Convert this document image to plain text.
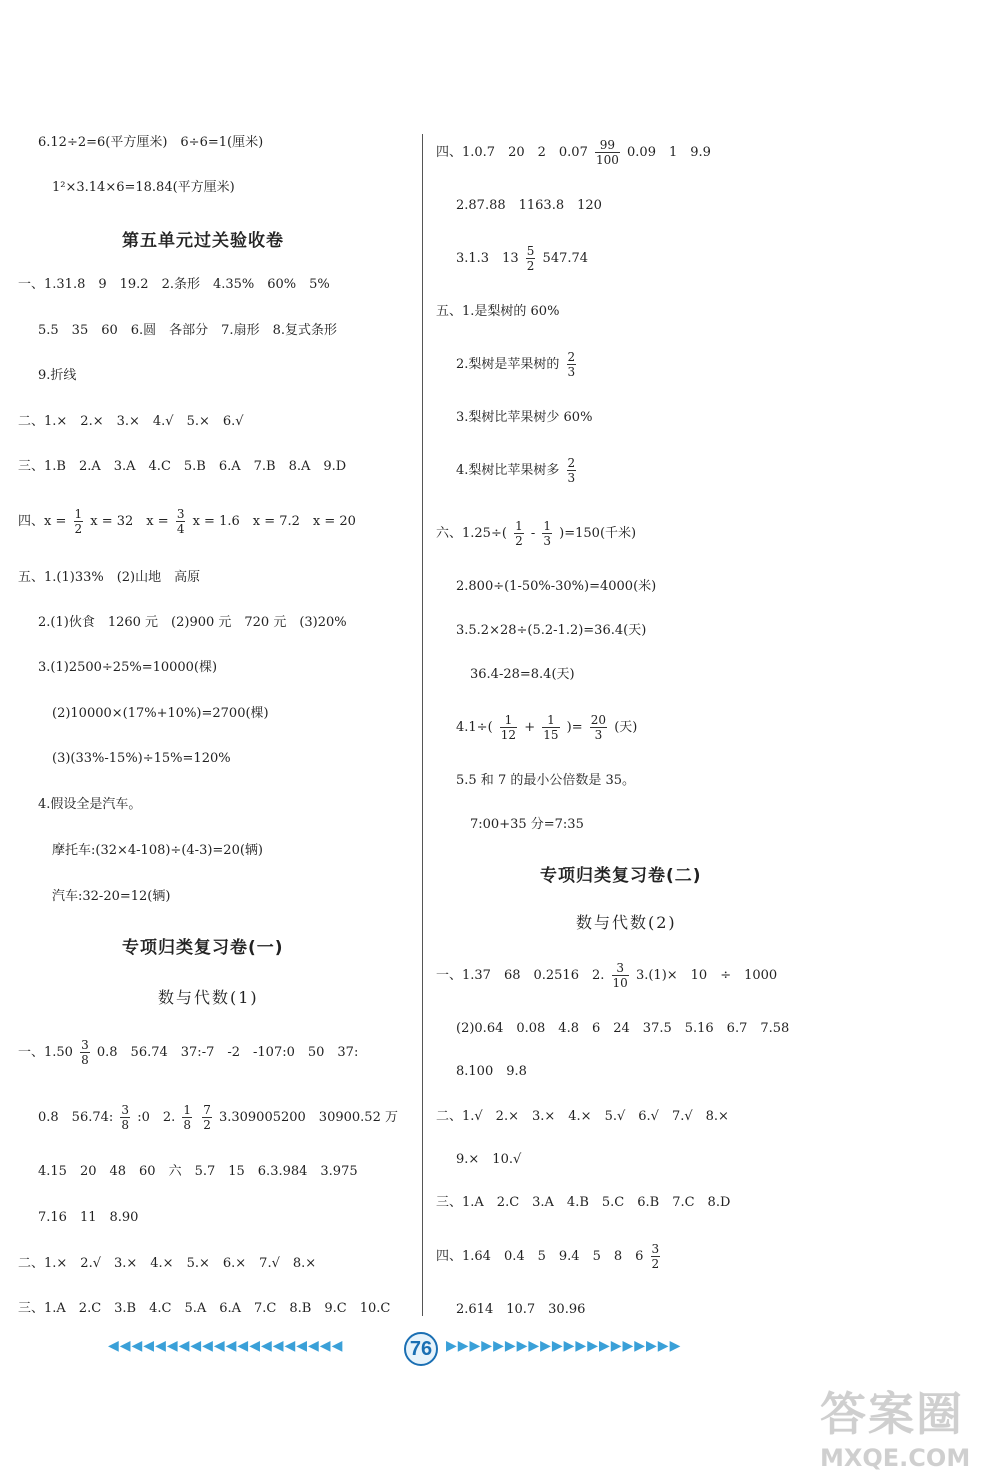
6.12÷2=6(平方厘米)　6÷6=1(厘米)
1²×3.14×6=18.84(平方厘米)
第五单元过关验收卷
一、1.31.8　9　19.2　2.条形　4.35%　60%　5%
5.5　35　60　6.圆　各部分　7.扇形　8.复式条形
9.折线
二、1.×　2.×　3.×　4.√　5.×　6.√
三、1.B　2.A　3.A　4.C　5.B　6.A　7.B　8.A　9.D
四、$x = \frac{1}{2}$ x = 32　$x = \frac{3}{4}$ x = 1.6　x = 7.2　x = 20
五、1.(1)33%　(2)山地　高原
2.(1)伙食　1260 元　(2)900 元　720 元　(3)20%
3.(1)2500÷25%=10000(棵)
(2)10000×(17%+10%)=2700(棵)
(3)(33%-15%)÷15%=120%
4.假设全是汽车。
摩托车:(32×4-108)÷(4-3)=20(辆)
汽车:32-20=12(辆)
专项归类复习卷(一)
数与代数(1)
一、$1.50 \frac{3}{8} 0.8$　56.74　37:-7　-2　-107:0　50　37:
0.8　56.74: $\frac{3}{8}$ :0　2. $\frac{1}{8}$
$\frac{7}{2} 3.309005200$　30900.52 万
4.15　20　48　60　六　5.7　15　6.3.984　3.975
7.16　11　8.90
二、1.×　2.√　3.×　4.×　5.×　6.×　7.√　8.×
三、1.A　2.C　3.B　4.C　5.A　6.A　7.C　8.B　9.C　10.C
四、1.0.7　20　2　$0.07 \frac{99}{100} 0.09$　1　9.9
2.87.88　1163.8　120
3.1.3　$13 \frac{5}{2} 547.74$
五、1.是梨树的 60%
2.梨树是苹果树的 $\frac{2}{3}$
3.梨树比苹果树少 60%
4.梨树比苹果树多 $\frac{2}{3}$
六、$1.25\div( \frac{1}{2} - \frac{1}{3} )=150$(千米)
2.800÷(1-50%-30%)=4000(米)
3.5.2×28÷(5.2-1.2)=36.4(天)
36.4-28=8.4(天)
$4.1\div( \frac{1}{12} + \frac{1}{15}$ )= $\frac{20}{3}$ (天)
5.5 和 7 的最小公倍数是 35。
7:00+35 分=7:35
专项归类复习卷(二)
数与代数(2)
一、1.37　68　0.2516　2. $\frac{3}{10} 3.(1)\times$　10　÷　1000
(2)0.64　0.08　4.8　6　24　37.5　5.16　6.7　7.58
8.100　9.8
二、1.√　2.×　3.×　4.×　5.√　6.√　7.√　8.×
9.×　10.√
三、1.A　2.C　3.A　4.B　5.C　6.B　7.C　8.D
四、1.64　0.4　5　9.4　5　8　$6 \frac{3}{2}$
2.614　10.7　30.96
◀◀◀◀◀◀◀◀◀◀◀◀◀◀◀◀◀◀◀◀	76 ▶▶▶▶▶▶▶▶▶▶▶▶▶▶▶▶▶▶▶▶
答案圈
MXQE.COM
